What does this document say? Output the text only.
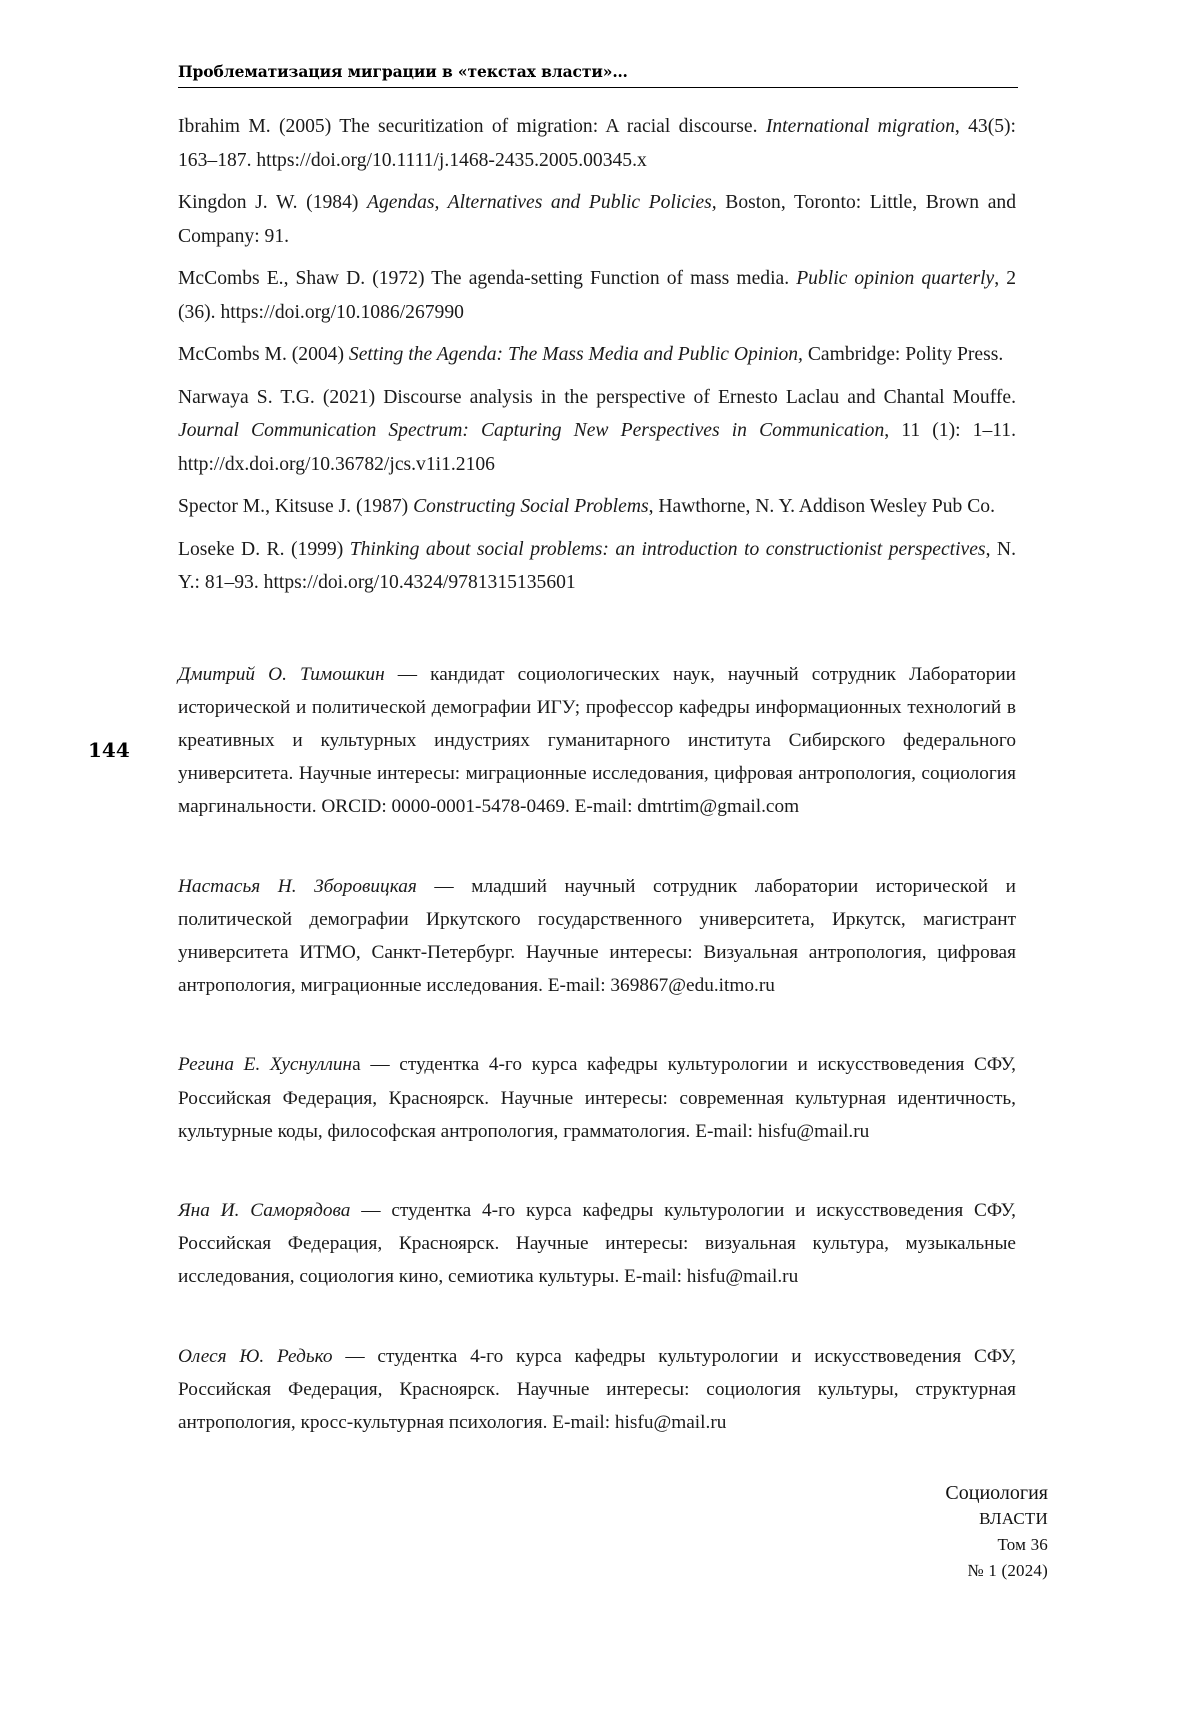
Проблематизация миграции в «текстах власти»…
144

Ibrahim M. (2005) The securitization of migration: A racial discourse. International migration, 43(5): 163–187. https://doi.org/10.1111/j.1468-2435.2005.00345.x

Kingdon J. W. (1984) Agendas, Alternatives and Public Policies, Boston, Toronto: Little, Brown and Company: 91.

McCombs E., Shaw D. (1972) The agenda-setting Function of mass media. Public opinion quarterly, 2 (36). https://doi.org/10.1086/267990

McCombs M. (2004) Setting the Agenda: The Mass Media and Public Opinion, Cambridge: Polity Press.

Narwaya S. T.G. (2021) Discourse analysis in the perspective of Ernesto Laclau and Chantal Mouffe. Journal Communication Spectrum: Capturing New Perspectives in Communication, 11 (1): 1–11. http://dx.doi.org/10.36782/jcs.v1i1.2106

Spector M., Kitsuse J. (1987) Constructing Social Problems, Hawthorne, N. Y. Addison Wesley Pub Co.

Loseke D. R. (1999) Thinking about social problems: an introduction to constructionist perspectives, N. Y.: 81–93. https://doi.org/10.4324/9781315135601

Дмитрий О. Тимошкин — кандидат социологических наук, научный сотрудник Лаборатории исторической и политической демографии ИГУ; профессор кафедры информационных технологий в креативных и культурных индустриях гуманитарного института Сибирского федерального университета. Научные интересы: миграционные исследования, цифровая антропология, социология маргинальности. ORCID: 0000-0001-5478-0469. E-mail: dmtrtim@gmail.com

Настасья Н. Зборовицкая — младший научный сотрудник лаборатории исторической и политической демографии Иркутского государственного университета, Иркутск, магистрант университета ИТМО, Санкт-Петербург. Научные интересы: Визуальная антропология, цифровая антропология, миграционные исследования. E-mail: 369867@edu.itmo.ru

Регина Е. Хуснуллина — студентка 4-го курса кафедры культурологии и искусствоведения СФУ, Российская Федерация, Красноярск. Научные интересы: современная культурная идентичность, культурные коды, философская антропология, грамматология. E-mail: hisfu@mail.ru

Яна И. Саморядова — студентка 4-го курса кафедры культурологии и искусствоведения СФУ, Российская Федерация, Красноярск. Научные интересы: визуальная культура, музыкальные исследования, социология кино, семиотика культуры. E-mail: hisfu@mail.ru

Олеся Ю. Редько — студентка 4-го курса кафедры культурологии и искусствоведения СФУ, Российская Федерация, Красноярск. Научные интересы: социология культуры, структурная антропология, кросс-культурная психология. E-mail: hisfu@mail.ru

Социология
ВЛАСТИ
Том 36
№ 1 (2024)
